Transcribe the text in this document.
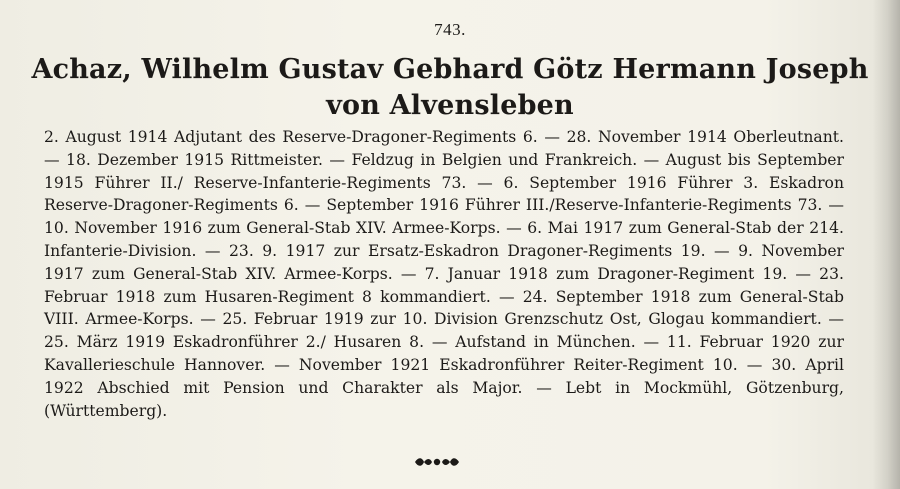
743.
Achaz, Wilhelm Gustav Gebhard Götz Hermann Joseph
von Alvensleben
2. August 1914 Adjutant des Reserve-Dragoner-Regiments 6. — 28. November 1914 Oberleutnant. — 18. Dezember 1915 Rittmeister. — Feldzug in Belgien und Frankreich. — August bis September 1915 Führer II./ Reserve-Infanterie-Regiments 73. — 6. September 1916 Führer 3. Eskadron Reserve-Dragoner-Regiments 6. — September 1916 Führer III./Reserve-Infanterie-Regiments 73. — 10. November 1916 zum General-Stab XIV. Armee-Korps. — 6. Mai 1917 zum General-Stab der 214. Infanterie-Division. — 23. 9. 1917 zur Ersatz-Eskadron Dragoner-Regiments 19. — 9. November 1917 zum General-Stab XIV. Armee-Korps. — 7. Januar 1918 zum Dragoner-Regiment 19. — 23. Februar 1918 zum Husaren-Regiment 8 kommandiert. — 24. September 1918 zum General-Stab VIII. Armee-Korps. — 25. Februar 1919 zur 10. Division Grenzschutz Ost, Glogau kommandiert. — 25. März 1919 Eskadronführer 2./ Husaren 8. — Aufstand in München. — 11. Februar 1920 zur Kavallerieschule Hannover. — November 1921 Eskadronführer Reiter-Regiment 10. — 30. April 1922 Abschied mit Pension und Charakter als Major. — Lebt in Mockmühl, Götzenburg, (Württemberg).
